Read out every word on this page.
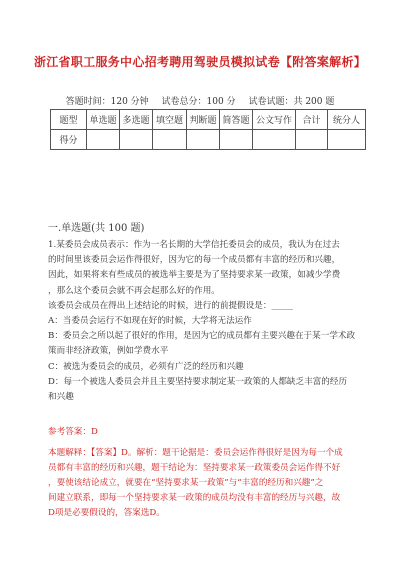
浙江省职工服务中心招考聘用驾驶员模拟试卷【附答案解析】
答题时间：120 分钟 试卷总分：100 分 试卷试题：共 200 题
题型	单选题	多选题	填空题	判断题	简答题	公文写作	合计	统分人
得分								
一.单选题(共 100 题)

1.某委员会成员表示：作为一名长期的大学信托委员会的成员，我认为在过去

的时间里该委员会运作得很好，因为它的每一个成员都有丰富的经历和兴趣，

因此，如果将来有些成员的被选举主要是为了坚持要求某一政策，如减少学费

，那么这个委员会就不再会起那么好的作用。

该委员会成员在得出上述结论的时候，进行的前提假设是：_____

A：当委员会运行不如现在好的时候，大学将无法运作

B：委员会之所以起了很好的作用，是因为它的成员都有主要兴趣在于某一学术政

策而非经济政策，例如学费水平

C：被选为委员会的成员，必须有广泛的经历和兴趣

D：每一个被选人委员会并且主要坚持要求制定某一政策的人都缺乏丰富的经历

和兴趣

参考答案：D

本题解释：【答案】D。解析：题干论据是：委员会运作得很好是因为每一个成

员都有丰富的经历和兴趣，题干结论为：坚持要求某一政策委员会运作得不好

，要使该结论成立，就要在“坚持要求某一政策”与“丰富的经历和兴趣”之

间建立联系，即每一个坚持要求某一政策的成员均没有丰富的经历与兴趣，故

D项是必要假设的，答案选D。
